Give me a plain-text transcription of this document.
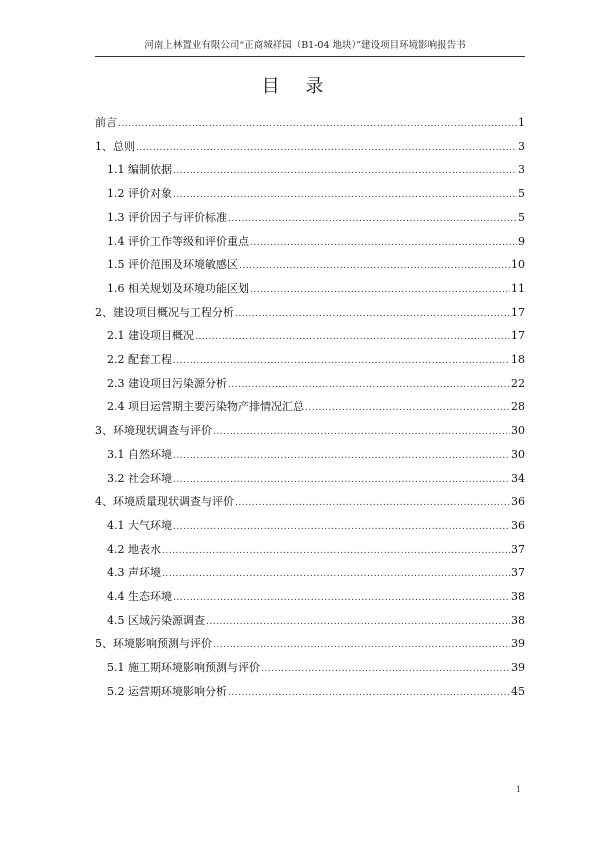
河南上林置业有限公司“正商城祥园（B1-04 地块）”建设项目环境影响报告书
目 录
前言 .....	1
1、总则 .....	3
1.1 编制依据 .....	3
1.2 评价对象 .....	5
1.3 评价因子与评价标准 .....	5
1.4 评价工作等级和评价重点 .....	9
1.5 评价范围及环境敏感区 .....	10
1.6 相关规划及环境功能区划 .....	11
2、建设项目概况与工程分析 .....	17
2.1 建设项目概况 .....	17
2.2 配套工程 .....	18
2.3 建设项目污染源分析 .....	22
2.4 项目运营期主要污染物产排情况汇总 .....	28
3、环境现状调查与评价 .....	30
3.1 自然环境 .....	30
3.2 社会环境 .....	34
4、环境质量现状调查与评价 .....	36
4.1 大气环境 .....	36
4.2 地表水 .....	37
4.3 声环境 .....	37
4.4 生态环境 .....	38
4.5 区域污染源调查 .....	38
5、环境影响预测与评价 .....	39
5.1 施工期环境影响预测与评价 .....	39
5.2 运营期环境影响分析 .....	45
1
